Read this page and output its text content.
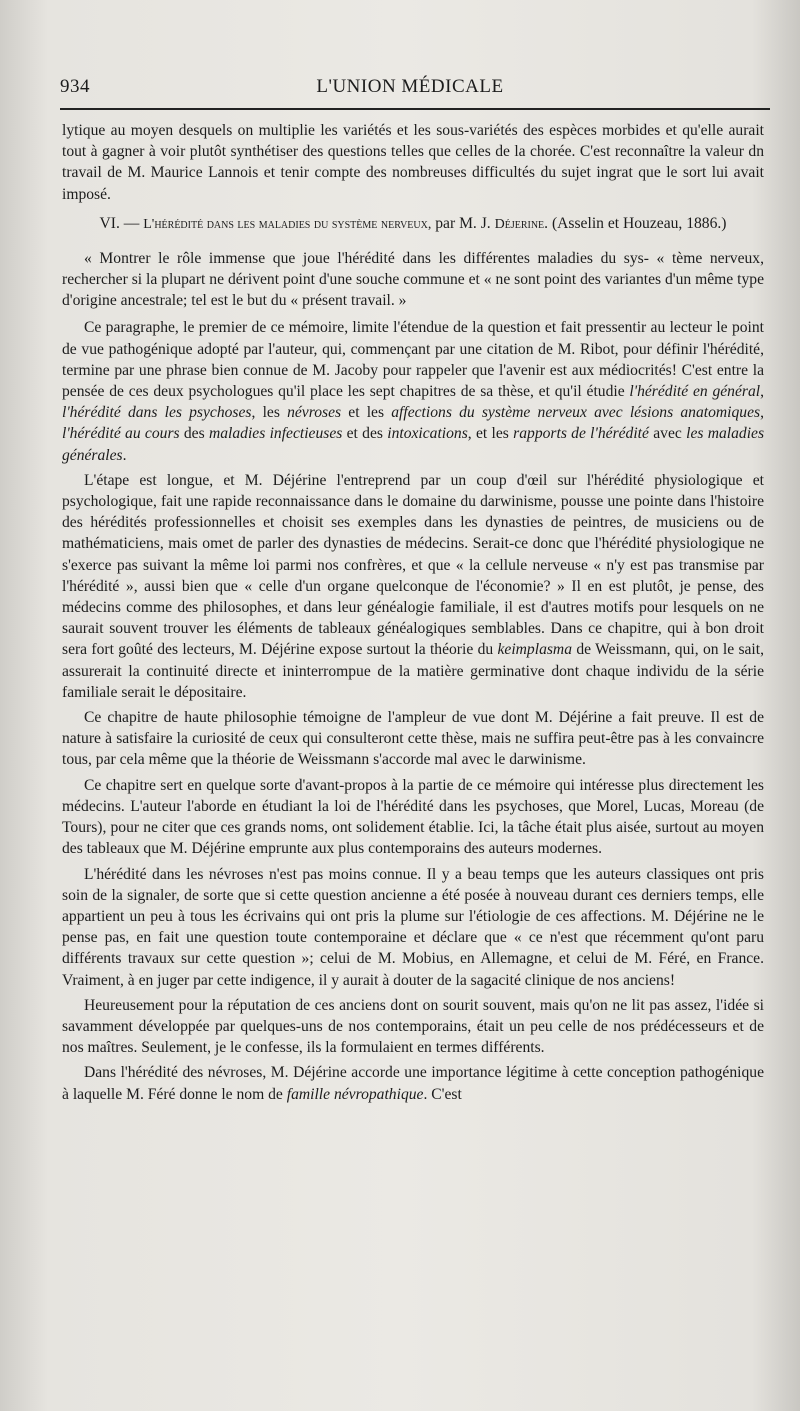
934	L'UNION MÉDICALE

lytique au moyen desquels on multiplie les variétés et les sous-variétés des espèces morbides et qu'elle aurait tout à gagner à voir plutôt synthétiser des questions telles que celles de la chorée. C'est reconnaître la valeur dn travail de M. Maurice Lannois et tenir compte des nombreuses difficultés du sujet ingrat que le sort lui avait imposé.

VI. — L'hérédité dans les maladies du système nerveux, par M. J. Déjerine. (Asselin et Houzeau, 1886.)

« Montrer le rôle immense que joue l'hérédité dans les différentes maladies du sys- « tème nerveux, rechercher si la plupart ne dérivent point d'une souche commune et « ne sont point des variantes d'un même type d'origine ancestrale; tel est le but du « présent travail. »

Ce paragraphe, le premier de ce mémoire, limite l'étendue de la question et fait pressentir au lecteur le point de vue pathogénique adopté par l'auteur, qui, commençant par une citation de M. Ribot, pour définir l'hérédité, termine par une phrase bien connue de M. Jacoby pour rappeler que l'avenir est aux médiocrités! C'est entre la pensée de ces deux psychologues qu'il place les sept chapitres de sa thèse, et qu'il étudie l'hérédité en général, l'hérédité dans les psychoses, les névroses et les affections du système nerveux avec lésions anatomiques, l'hérédité au cours des maladies infectieuses et des intoxications, et les rapports de l'hérédité avec les maladies générales.

L'étape est longue, et M. Déjérine l'entreprend par un coup d'œil sur l'hérédité physiologique et psychologique, fait une rapide reconnaissance dans le domaine du darwinisme, pousse une pointe dans l'histoire des hérédités professionnelles et choisit ses exemples dans les dynasties de peintres, de musiciens ou de mathématiciens, mais omet de parler des dynasties de médecins. Serait-ce donc que l'hérédité physiologique ne s'exerce pas suivant la même loi parmi nos confrères, et que « la cellule nerveuse « n'y est pas transmise par l'hérédité », aussi bien que « celle d'un organe quelconque de l'économie? » Il en est plutôt, je pense, des médecins comme des philosophes, et dans leur généalogie familiale, il est d'autres motifs pour lesquels on ne saurait souvent trouver les éléments de tableaux généalogiques semblables. Dans ce chapitre, qui à bon droit sera fort goûté des lecteurs, M. Déjérine expose surtout la théorie du keimplasma de Weissmann, qui, on le sait, assurerait la continuité directe et ininterrompue de la matière germinative dont chaque individu de la série familiale serait le dépositaire.

Ce chapitre de haute philosophie témoigne de l'ampleur de vue dont M. Déjérine a fait preuve. Il est de nature à satisfaire la curiosité de ceux qui consulteront cette thèse, mais ne suffira peut-être pas à les convaincre tous, par cela même que la théorie de Weissmann s'accorde mal avec le darwinisme.

Ce chapitre sert en quelque sorte d'avant-propos à la partie de ce mémoire qui intéresse plus directement les médecins. L'auteur l'aborde en étudiant la loi de l'hérédité dans les psychoses, que Morel, Lucas, Moreau (de Tours), pour ne citer que ces grands noms, ont solidement établie. Ici, la tâche était plus aisée, surtout au moyen des tableaux que M. Déjérine emprunte aux plus contemporains des auteurs modernes.

L'hérédité dans les névroses n'est pas moins connue. Il y a beau temps que les auteurs classiques ont pris soin de la signaler, de sorte que si cette question ancienne a été posée à nouveau durant ces derniers temps, elle appartient un peu à tous les écrivains qui ont pris la plume sur l'étiologie de ces affections. M. Déjérine ne le pense pas, en fait une question toute contemporaine et déclare que « ce n'est que récemment qu'ont paru différents travaux sur cette question »; celui de M. Mobius, en Allemagne, et celui de M. Féré, en France. Vraiment, à en juger par cette indigence, il y aurait à douter de la sagacité clinique de nos anciens!

Heureusement pour la réputation de ces anciens dont on sourit souvent, mais qu'on ne lit pas assez, l'idée si savamment développée par quelques-uns de nos contemporains, était un peu celle de nos prédécesseurs et de nos maîtres. Seulement, je le confesse, ils la formulaient en termes différents.

Dans l'hérédité des névroses, M. Déjérine accorde une importance légitime à cette conception pathogénique à laquelle M. Féré donne le nom de famille névropathique. C'est
